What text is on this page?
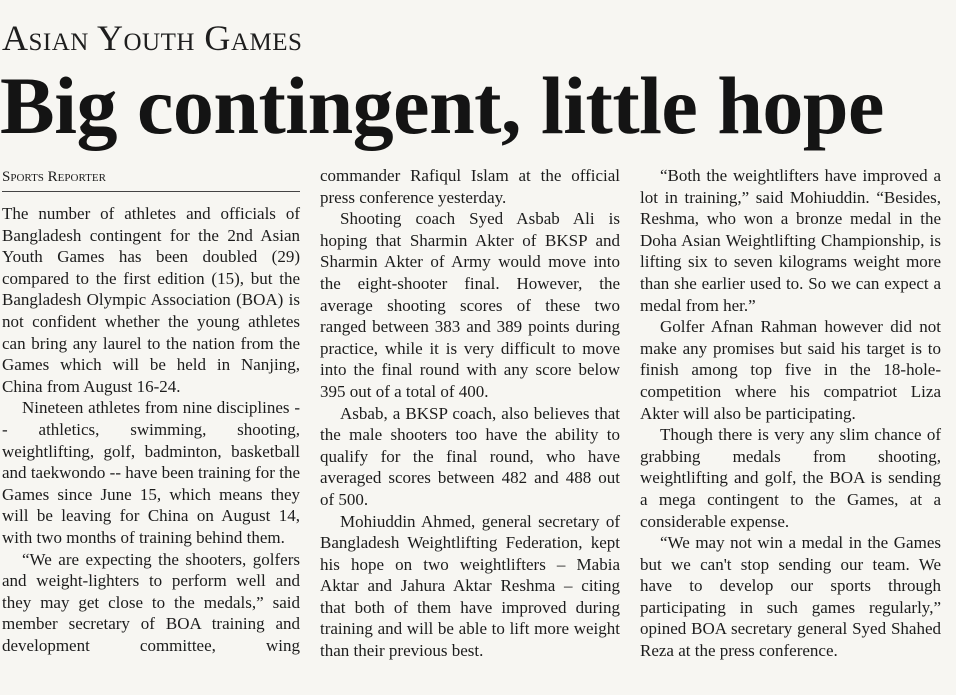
Asian Youth Games
Big contingent, little hope
Sports Reporter

The number of athletes and officials of Bangladesh contingent for the 2nd Asian Youth Games has been doubled (29) compared to the first edition (15), but the Bangladesh Olympic Association (BOA) is not confident whether the young athletes can bring any laurel to the nation from the Games which will be held in Nanjing, China from August 16-24.

Nineteen athletes from nine disciplines -- athletics, swimming, shooting, weightlifting, golf, badminton, basketball and taekwondo -- have been training for the Games since June 15, which means they will be leaving for China on August 14, with two months of training behind them.

“We are expecting the shooters, golfers and weight-lighters to perform well and they may get close to the medals,” said member secretary of BOA training and development committee, wing

commander Rafiqul Islam at the official press conference yesterday.

Shooting coach Syed Asbab Ali is hoping that Sharmin Akter of BKSP and Sharmin Akter of Army would move into the eight-shooter final. However, the average shooting scores of these two ranged between 383 and 389 points during practice, while it is very difficult to move into the final round with any score below 395 out of a total of 400.

Asbab, a BKSP coach, also believes that the male shooters too have the ability to qualify for the final round, who have averaged scores between 482 and 488 out of 500.

Mohiuddin Ahmed, general secretary of Bangladesh Weightlifting Federation, kept his hope on two weightlifters – Mabia Aktar and Jahura Aktar Reshma – citing that both of them have improved during training and will be able to lift more weight than their previous best.

“Both the weightlifters have improved a lot in training,” said Mohiuddin. “Besides, Reshma, who won a bronze medal in the Doha Asian Weightlifting Championship, is lifting six to seven kilograms weight more than she earlier used to. So we can expect a medal from her.”

Golfer Afnan Rahman however did not make any promises but said his target is to finish among top five in the 18-hole-competition where his compatriot Liza Akter will also be participating.

Though there is very any slim chance of grabbing medals from shooting, weightlifting and golf, the BOA is sending a mega contingent to the Games, at a considerable expense.

“We may not win a medal in the Games but we can't stop sending our team. We have to develop our sports through participating in such games regularly,” opined BOA secretary general Syed Shahed Reza at the press conference.
